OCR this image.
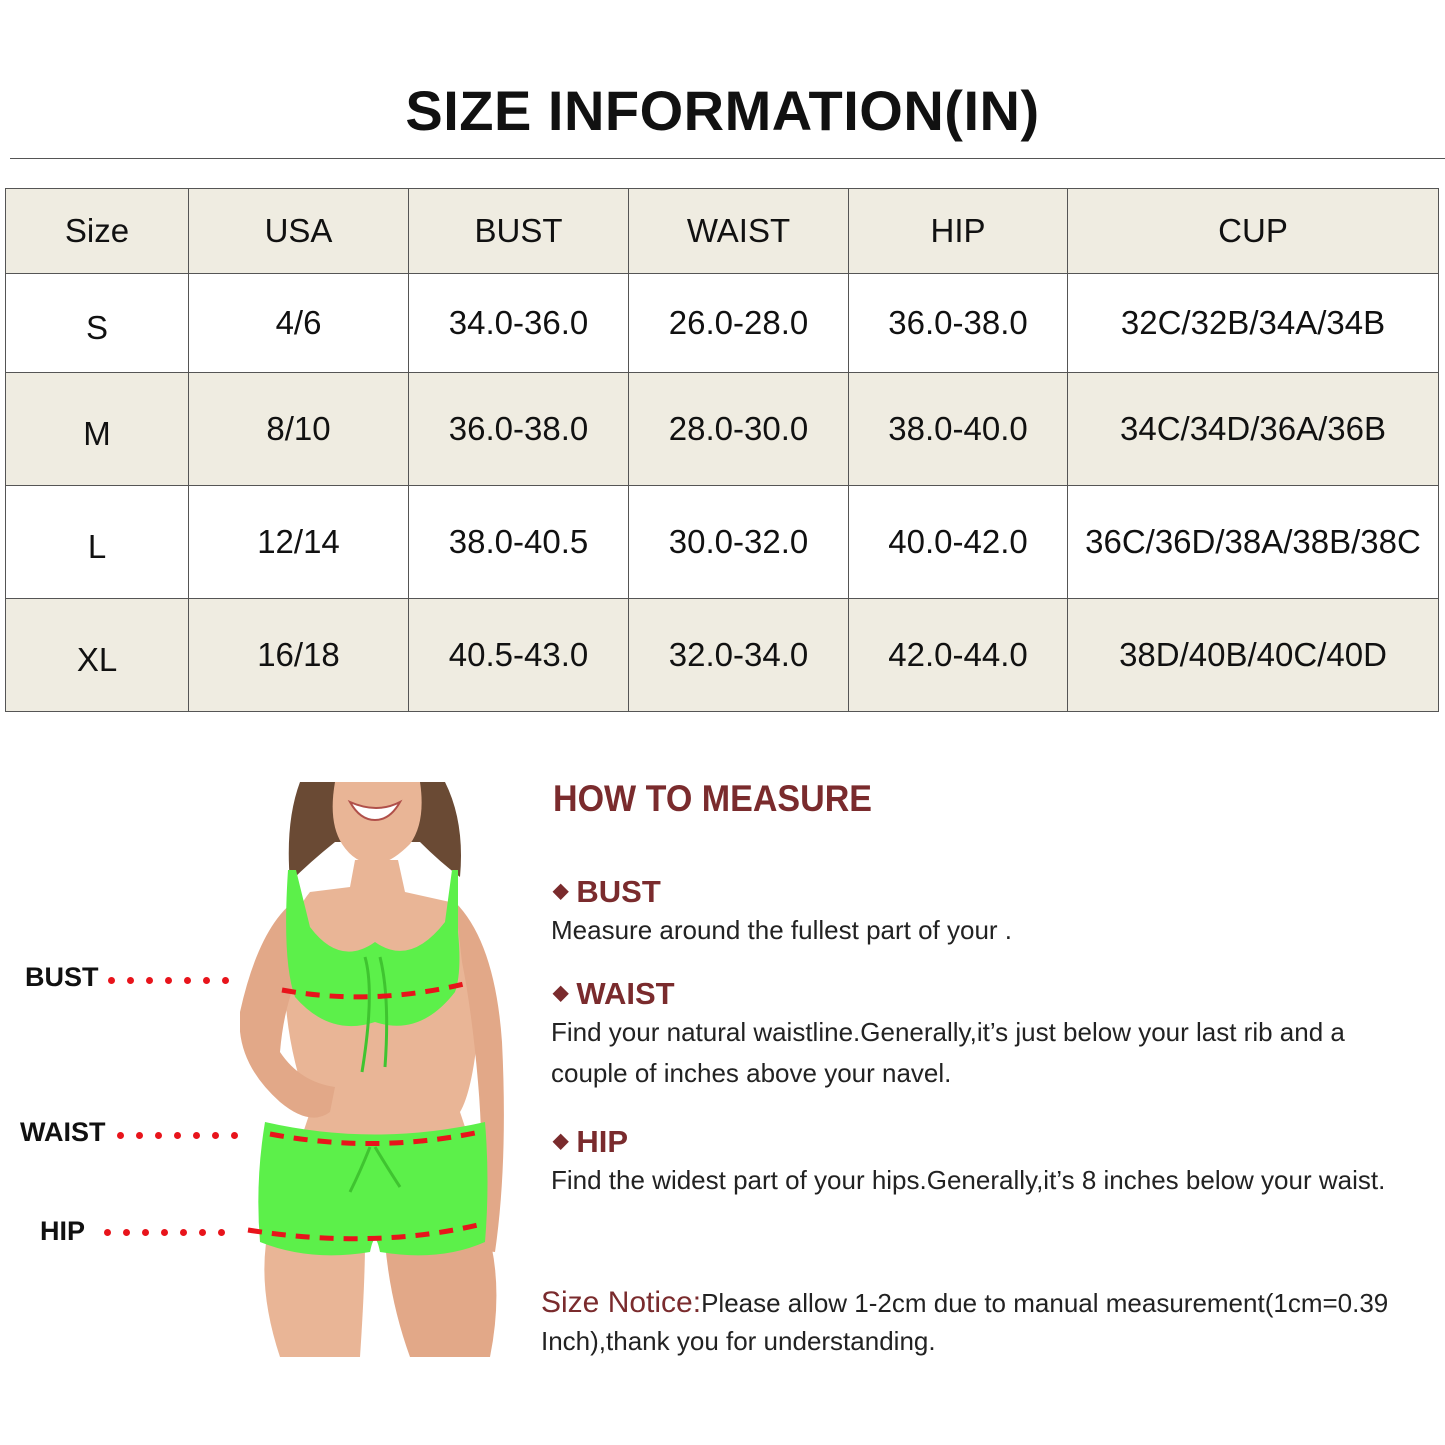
SIZE INFORMATION(IN)
Size	USA	BUST	WAIST	HIP	CUP
S	4/6	34.0-36.0	26.0-28.0	36.0-38.0	32C/32B/34A/34B
M	8/10	36.0-38.0	28.0-30.0	38.0-40.0	34C/34D/36A/36B
L	12/14	38.0-40.5	30.0-32.0	40.0-42.0	36C/36D/38A/38B/38C
XL	16/18	40.5-43.0	32.0-34.0	42.0-44.0	38D/40B/40C/40D
BUST
WAIST
HIP
HOW TO MEASURE
◆ BUST
Measure around the fullest part of your .
◆ WAIST
Find your natural waistline.Generally,it’s just below your last rib and a couple of inches above your navel.
◆ HIP
Find the widest part of your hips.Generally,it’s 8 inches below your waist.
Size Notice:Please allow 1-2cm due to manual measurement(1cm=0.39 Inch),thank you for understanding.
